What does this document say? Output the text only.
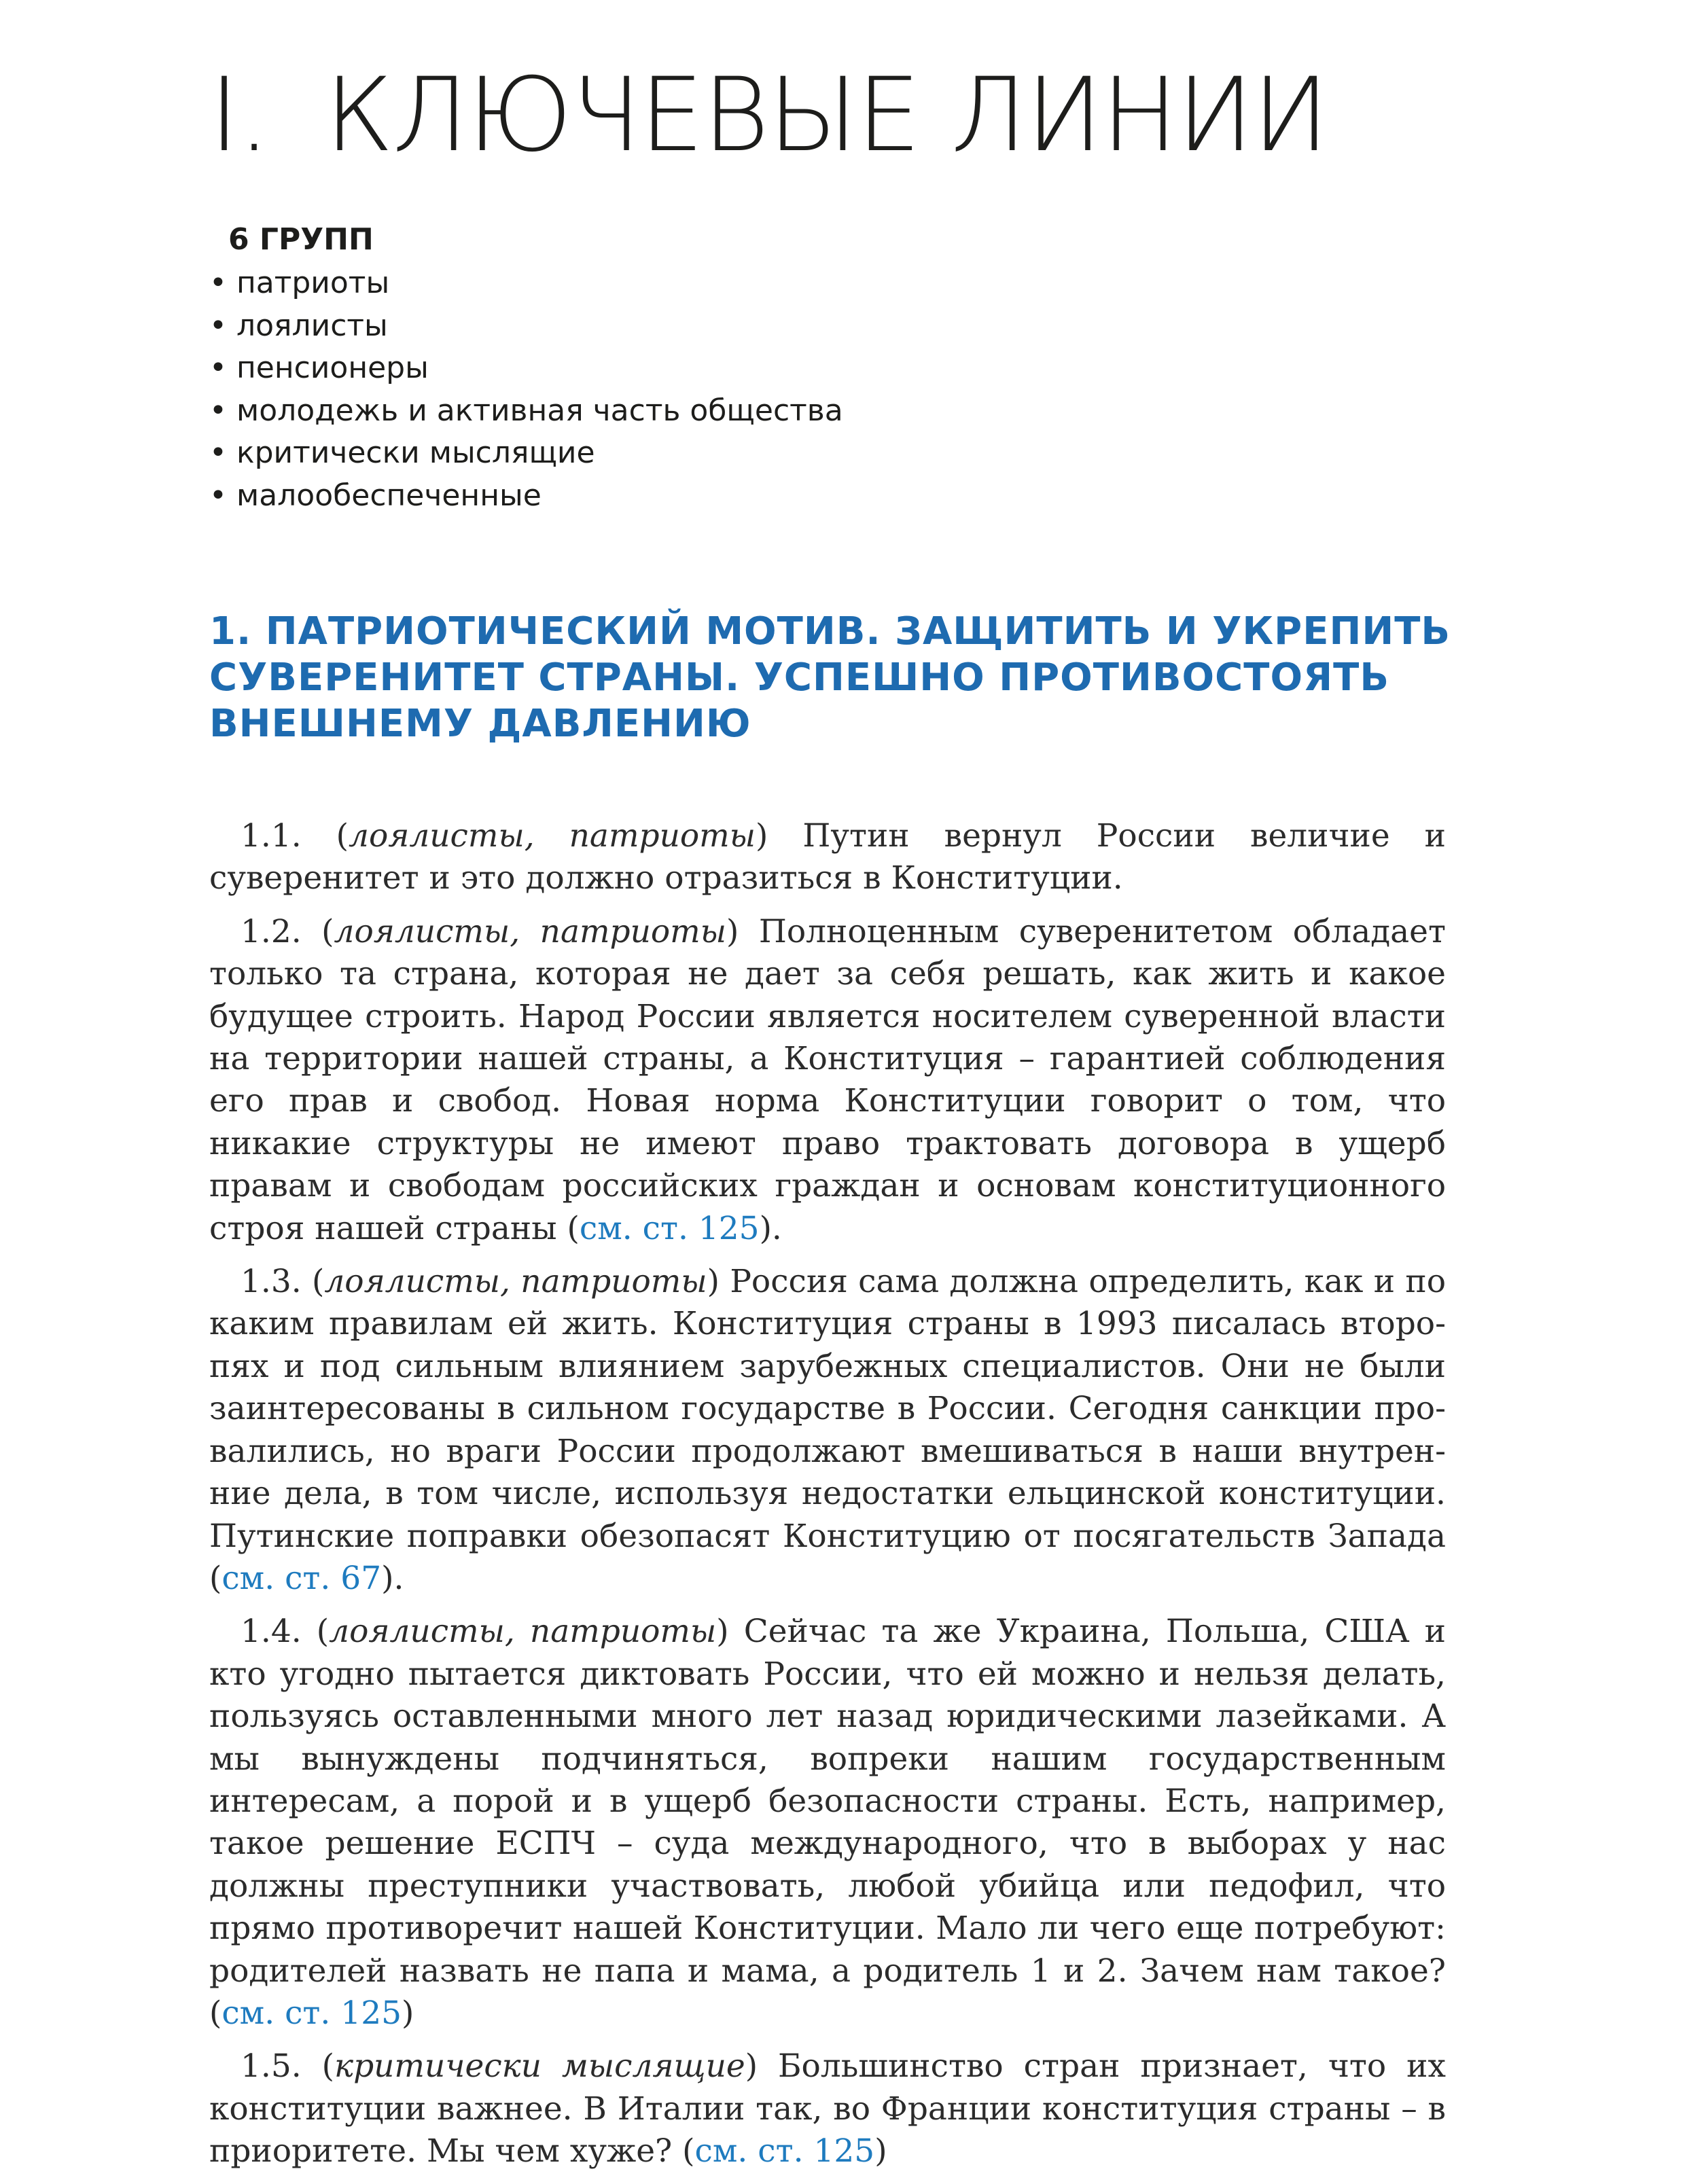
I. КЛЮЧЕВЫЕ ЛИНИИ
6 ГРУПП
• патриоты
• лоялисты
• пенсионеры
• молодежь и активная часть общества
• критически мыслящие
• малообеспеченные
1. ПАТРИОТИЧЕСКИЙ МОТИВ. ЗАЩИТИТЬ И УКРЕПИТЬ СУВЕРЕНИТЕТ СТРАНЫ. УСПЕШНО ПРОТИВОСТОЯТЬ ВНЕШНЕМУ ДАВЛЕНИЮ

1.1. (лоялисты, патриоты) Путин вернул России величие и суверенитет и это должно отразиться в Конституции.

1.2. (лоялисты, патриоты) Полноценным суверенитетом обладает только та страна, которая не дает за себя решать, как жить и какое будущее строить. Народ России является носителем суверенной власти на территории нашей страны, а Конституция – гарантией соблюдения его прав и свобод. Новая норма Конституции говорит о том, что никакие структуры не имеют право трактовать договора в ущерб правам и свободам российских граждан и основам конституционного строя нашей страны (см. ст. 125).

1.3. (лоялисты, патриоты) Россия сама должна определить, как и по каким правилам ей жить. Конституция страны в 1993 писалась второпях и под сильным влиянием зарубежных специалистов. Они не были заинтересованы в сильном государстве в России. Сегодня санкции провалились, но враги России продолжают вмешиваться в наши внутренние дела, в том числе, используя недостатки ельцинской конституции. Путинские поправки обезопасят Конституцию от посягательств Запада (см. ст. 67).

1.4. (лоялисты, патриоты) Сейчас та же Украина, Польша, США и кто угодно пытается диктовать России, что ей можно и нельзя делать, пользуясь оставленными много лет назад юридическими лазейками. А мы вынуждены подчиняться, вопреки нашим государственным интересам, а порой и в ущерб безопасности страны. Есть, например, такое решение ЕСПЧ – суда международного, что в выборах у нас должны преступники участвовать, любой убийца или педофил, что прямо противоречит нашей Конституции. Мало ли чего еще потребуют: родителей назвать не папа и мама, а родитель 1 и 2. Зачем нам такое? (см. ст. 125)

1.5. (критически мыслящие) Большинство стран признает, что их конституции важнее. В Италии так, во Франции конституция страны – в приоритете. Мы чем хуже? (см. ст. 125)
